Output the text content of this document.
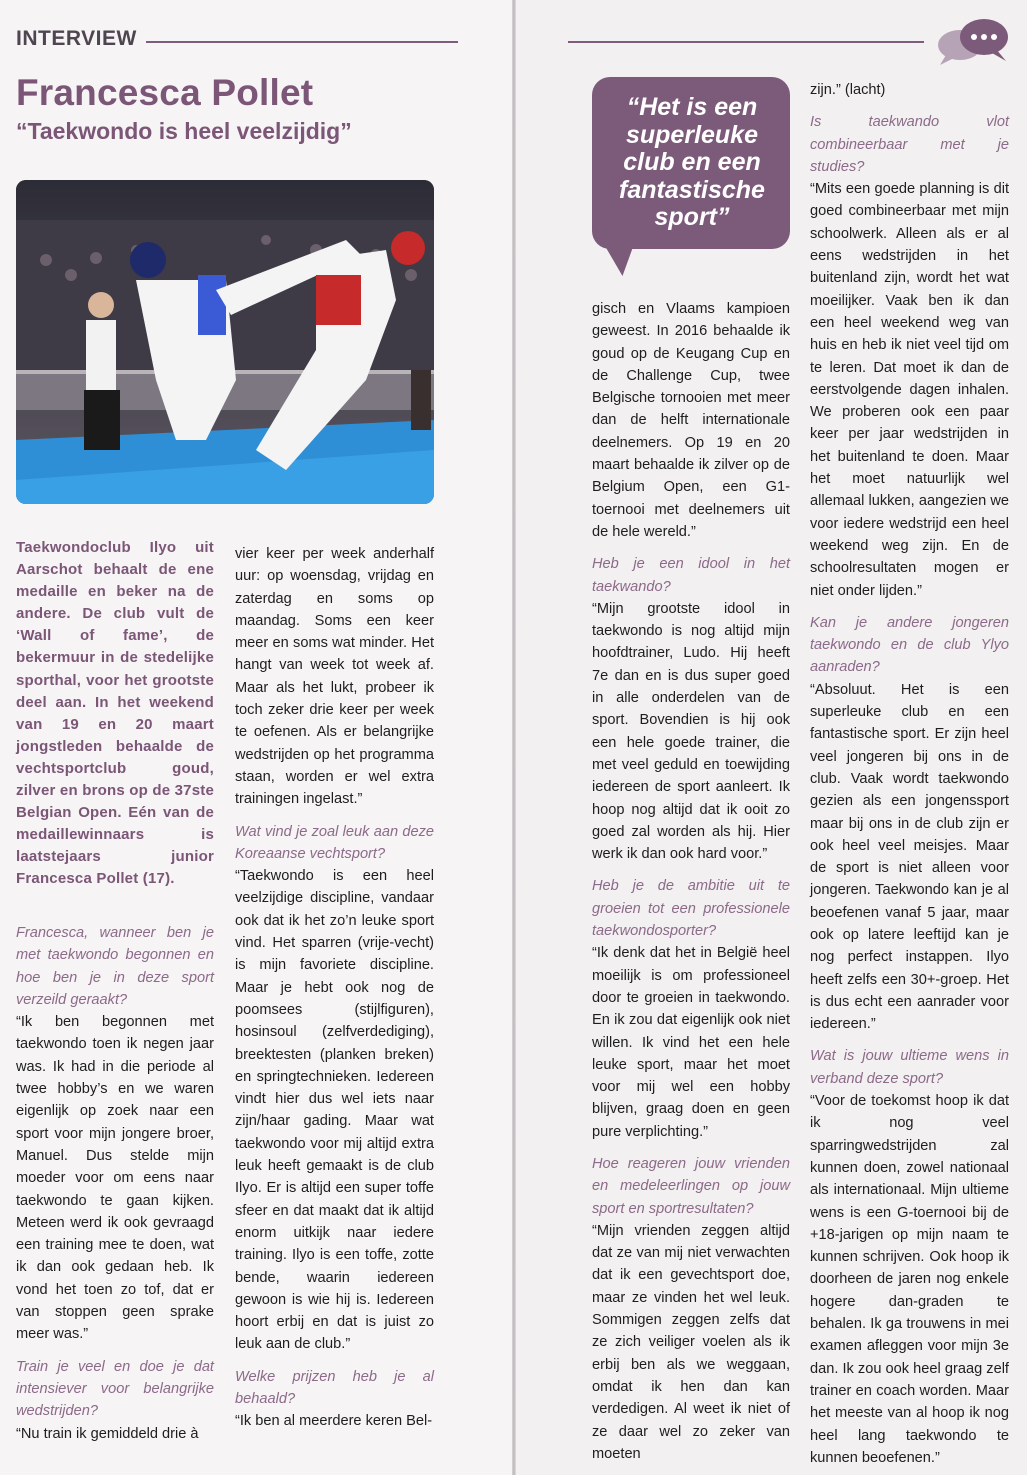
INTERVIEW
Francesca Pollet
“Taekwondo is heel veelzijdig”

Taekwondoclub Ilyo uit Aarschot behaalt de ene medaille en beker na de andere. De club vult de ‘Wall of fame’, de bekermuur in de stedelijke sporthal, voor het grootste deel aan. In het weekend van 19 en 20 maart jongstleden behaalde de vechtsportclub goud, zilver en brons op de 37ste Belgian Open. Eén van de medaillewinnaars is laatstejaars junior Francesca Pollet (17).

Francesca, wanneer ben je met taekwondo begonnen en hoe ben je in deze sport verzeild geraakt?

“Ik ben begonnen met taekwondo toen ik negen jaar was. Ik had in die periode al twee hobby’s en we waren eigenlijk op zoek naar een sport voor mijn jongere broer, Manuel. Dus stelde mijn moeder voor om eens naar taekwondo te gaan kijken. Meteen werd ik ook gevraagd een training mee te doen, wat ik dan ook gedaan heb. Ik vond het toen zo tof, dat er van stoppen geen sprake meer was.”

Train je veel en doe je dat intensiever voor belangrijke wedstrijden?

“Nu train ik gemiddeld drie à

vier keer per week anderhalf uur: op woensdag, vrijdag en zaterdag en soms op maandag. Soms een keer meer en soms wat minder. Het hangt van week tot week af. Maar als het lukt, probeer ik toch zeker drie keer per week te oefenen. Als er belangrijke wedstrijden op het programma staan, worden er wel extra trainingen ingelast.”

Wat vind je zoal leuk aan deze Koreaanse vechtsport?

“Taekwondo is een heel veelzijdige discipline, vandaar ook dat ik het zo’n leuke sport vind. Het sparren (vrije-vecht) is mijn favoriete discipline. Maar je hebt ook nog de poomsees (stijlfiguren), hosinsoul (zelfverdediging), breektesten (planken breken) en springtechnieken. Iedereen vindt hier dus wel iets naar zijn/haar gading. Maar wat taekwondo voor mij altijd extra leuk heeft gemaakt is de club Ilyo. Er is altijd een super toffe sfeer en dat maakt dat ik altijd enorm uitkijk naar iedere training. Ilyo is een toffe, zotte bende, waarin iedereen gewoon is wie hij is. Iedereen hoort erbij en dat is juist zo leuk aan de club.”

Welke prijzen heb je al behaald?

“Ik ben al meerdere keren Bel-

“Het is een superleuke club en een fantastische sport”

gisch en Vlaams kampioen geweest. In 2016 behaalde ik goud op de Keugang Cup en de Challenge Cup, twee Belgische tornooien met meer dan de helft internationale deelnemers. Op 19 en 20 maart behaalde ik zilver op de Belgium Open, een G1-toernooi met deelnemers uit de hele wereld.”

Heb je een idool in het taekwando?

“Mijn grootste idool in taekwondo is nog altijd mijn hoofdtrainer, Ludo. Hij heeft 7e dan en is dus super goed in alle onderdelen van de sport. Bovendien is hij ook een hele goede trainer, die met veel geduld en toewijding iedereen de sport aanleert. Ik hoop nog altijd dat ik ooit zo goed zal worden als hij. Hier werk ik dan ook hard voor.”

Heb je de ambitie uit te groeien tot een professionele taekwondosporter?

“Ik denk dat het in België heel moeilijk is om professioneel door te groeien in taekwondo. En ik zou dat eigenlijk ook niet willen. Ik vind het een hele leuke sport, maar het moet voor mij wel een hobby blijven, graag doen en geen pure verplichting.”

Hoe reageren jouw vrienden en medeleerlingen op jouw sport en sportresultaten?

“Mijn vrienden zeggen altijd dat ze van mij niet verwachten dat ik een gevechtsport doe, maar ze vinden het wel leuk. Sommigen zeggen zelfs dat ze zich veiliger voelen als ik erbij ben als we weggaan, omdat ik hen dan kan verdedigen. Al weet ik niet of ze daar wel zo zeker van moeten

zijn.” (lacht)

Is taekwando vlot combineerbaar met je studies?

“Mits een goede planning is dit goed combineerbaar met mijn schoolwerk. Alleen als er al eens wedstrijden in het buitenland zijn, wordt het wat moeilijker. Vaak ben ik dan een heel weekend weg van huis en heb ik niet veel tijd om te leren. Dat moet ik dan de eerstvolgende dagen inhalen. We proberen ook een paar keer per jaar wedstrijden in het buitenland te doen. Maar het moet natuurlijk wel allemaal lukken, aangezien we voor iedere wedstrijd een heel weekend weg zijn. En de schoolresultaten mogen er niet onder lijden.”

Kan je andere jongeren taekwondo en de club Ylyo aanraden?

“Absoluut. Het is een superleuke club en een fantastische sport. Er zijn heel veel jongeren bij ons in de club. Vaak wordt taekwondo gezien als een jongenssport maar bij ons in de club zijn er ook heel veel meisjes. Maar de sport is niet alleen voor jongeren. Taekwondo kan je al beoefenen vanaf 5 jaar, maar ook op latere leeftijd kan je nog perfect instappen. Ilyo heeft zelfs een 30+-groep. Het is dus echt een aanrader voor iedereen.”

Wat is jouw ultieme wens in verband deze sport?

“Voor de toekomst hoop ik dat ik nog veel sparringwedstrijden zal kunnen doen, zowel nationaal als internationaal. Mijn ultieme wens is een G-toernooi bij de +18-jarigen op mijn naam te kunnen schrijven. Ook hoop ik doorheen de jaren nog enkele hogere dan-graden te behalen. Ik ga trouwens in mei examen afleggen voor mijn 3e dan. Ik zou ook heel graag zelf trainer en coach worden. Maar het meeste van al hoop ik nog heel lang taekwondo te kunnen beoefenen.”
